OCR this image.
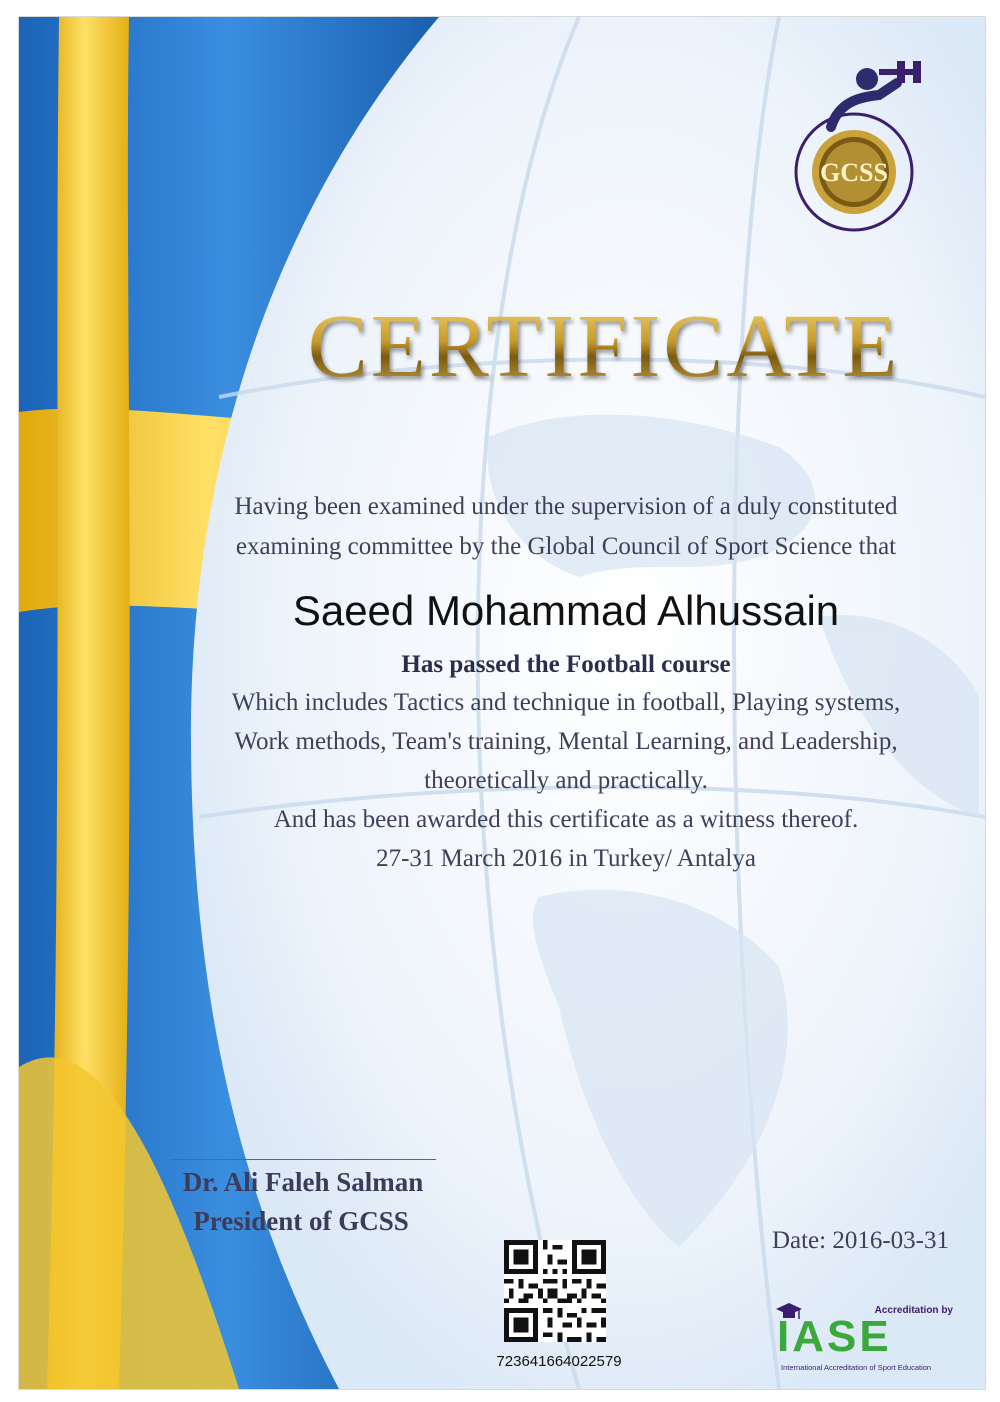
GCSS
CERTIFICATE
Having been examined under the supervision of a duly constituted
examining committee by the Global Council of Sport Science that
Saeed Mohammad Alhussain
Has passed the Football course
Which includes Tactics and technique in football, Playing systems,
Work methods, Team's training, Mental Learning, and Leadership,
theoretically and practically.
And has been awarded this certificate as a witness thereof.
27-31 March 2016 in Turkey/ Antalya
Dr. Ali Faleh Salman
President of GCSS
Date: 2016-03-31
723641664022579
Accreditation by
IASE
International Accreditation of Sport Education
